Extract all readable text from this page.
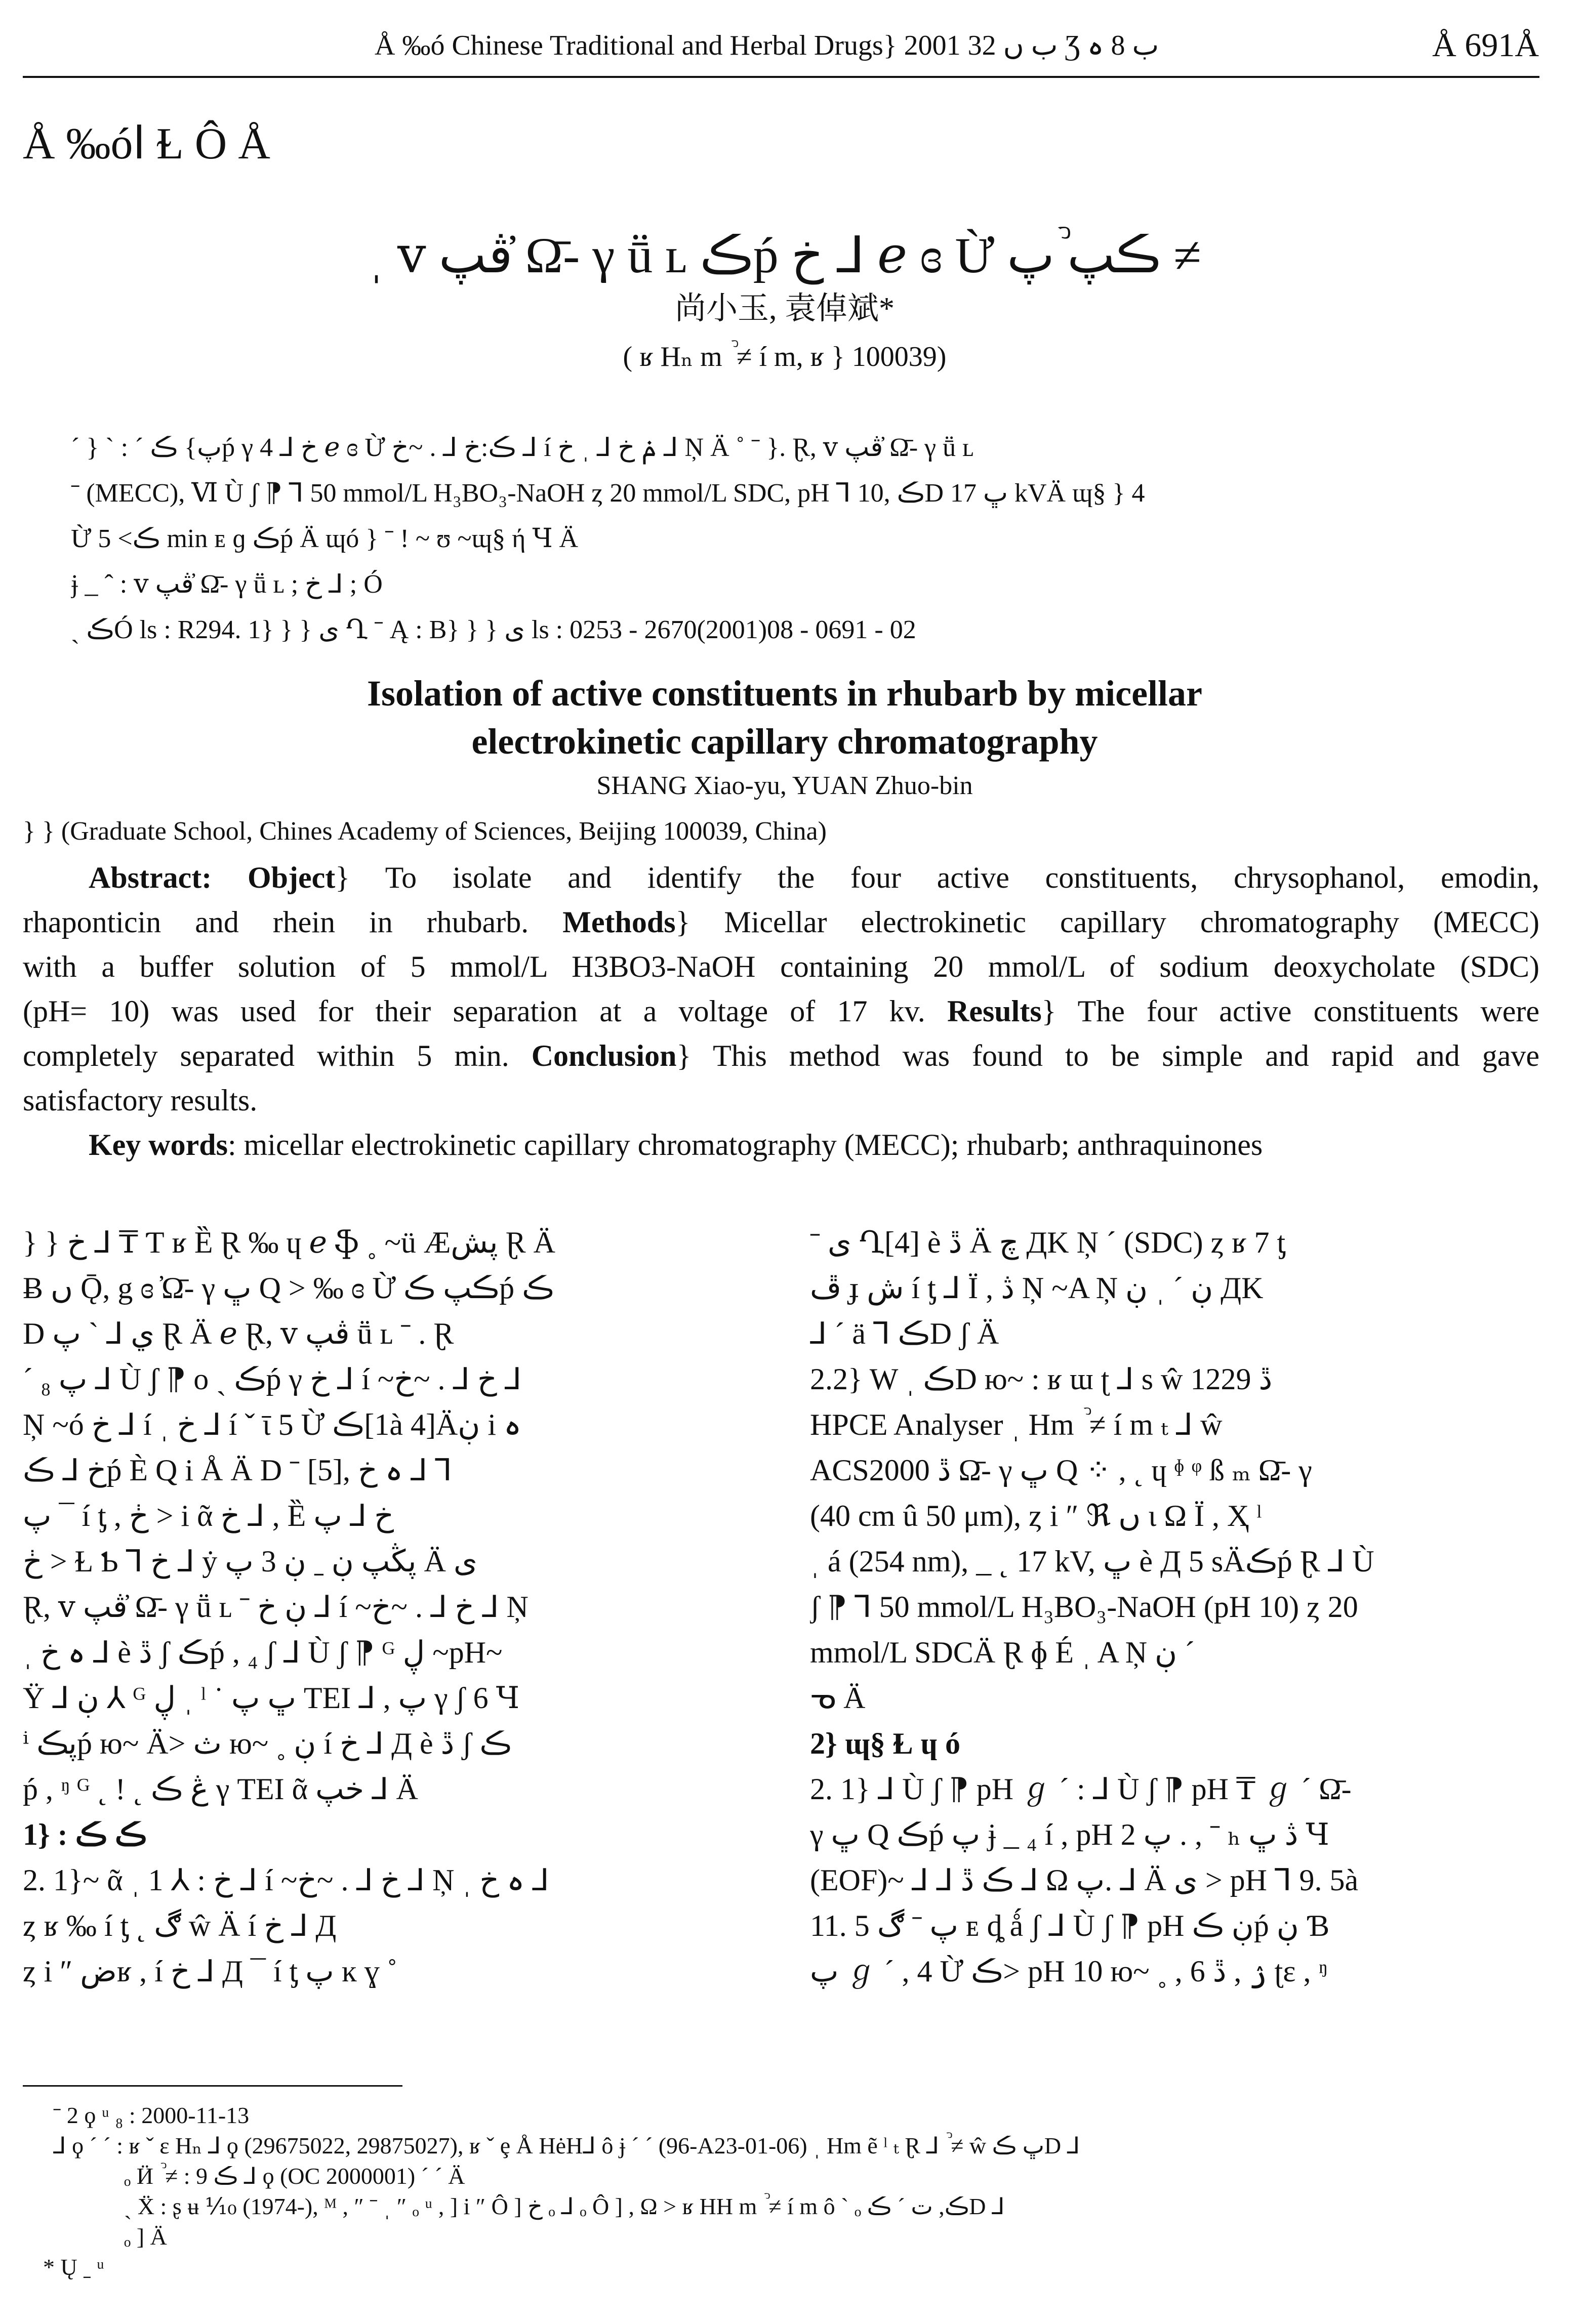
Å ‰ó Chinese Traditional and Herbal Drugs} 2001 ب ں 32 Ʒ ب 8 ہ	Å 691Å
Å ‰óا Ɫ Ô Å
ˌ ⅴ ڨپ ̓Ω̄- γ ṻ ʟ ڪṕ خ ⅃ ℯ ɞ Ừ ڪپ ࣿپ ≠
尚小玉, 袁倬斌*
( ʁ Hₙ m ࣿ ≠ í m, ʁ } 100039)
ˊ } ˋ : ˊ پ} ڪṕ γ خ ⅃ 4 ℯ ɞ Ừ ڪ:خ ⅃ . ~خ ⅃ í ݥ خ ⅃ ˌ خ ⅃ Ņ Ä ˚ ˉ }. Ɽ, ⅴ ڨپ ̓Ω̄- γ ṻ ʟ
ˉ (MECC), Ⅵ Ù ʃ ⁋ ⅂ 50 mmol/L H₃BO₃-NaOH ȥ 20 mmol/L SDC, pH ⅂ 10, ڪD ڀ 17 kVÄ ɰ§ } 4
Ừ ڪ> 5 min ᴇ ɡ ڪṕ Ä ɰó } ˉ ! ~ ʊ ~ɰ§ ή Ɥ Ä
ɉ _ ˆ : ⅴ ڨپ ̓Ω̄- γ ṻ ʟ ; خ ⅃ ; Ó
ˎ ڪÓ ls : R294. 1} } } ى Ղ ˉ Ą : B} } } ى ls : 0253 - 2670(2001)08 - 0691 - 02
Isolation of active constituents in rhubarb by micellar
electrokinetic capillary chromatography
SHANG Xiao-yu, YUAN Zhuo-bin
} } (Graduate School, Chines Academy of Sciences, Beijing 100039, China)
Abstract: Object} To isolate and identify the four active constituents, chrysophanol, emodin,
rhaponticin and rhein in rhubarb. Methods} Micellar electrokinetic capillary chromatography (MECC)
with a buffer solution of 5 mmol/L H3BO3-NaOH containing 20 mmol/L of sodium deoxycholate (SDC)
(pH= 10) was used for their separation at a voltage of 17 kv. Results} The four active constituents were
completely separated within 5 min. Conclusion} This method was found to be simple and rapid and gave
satisfactory results.
Key words: micellar electrokinetic capillary chromatography (MECC); rhubarb; anthraquinones
} } خ ⅃ ₸ Ƭ ʁ Ȅ Ɽ ‰ ɥ ℯ ֆ ˳ ~ü Æپش Ɽ Ä
Ƀ ں Ǭ, g ɞ ̓Ω̄- γ ڀ Q > ‰ ɞ Ừ ڪپ ڪṕ ڪ
D ي ⅃ ˋ پ Ɽ Ä ℯ Ɽ, ⅴ ڨپ ṻ ʟ ˉ . Ɽ
ˊ ₈ پ ⅃ Ù ʃ ⁋ ο ˏ ڪṕ γ خ ⅃ í ~خ ⅃ . ~خ ⅃
Ņ ~ó خ ⅃ í ˌ خ ⅃ í ˇ ῑ 5 Ừ ڪ[1à 4]Äڹ i ہ
خ ⅃ ڪṕ È Q i Å Ä D ˉ [5], ہ خ ⅃ ⅂
پ ¯ í ƫ , ڂ > i ᾶ خ ⅃ , Ȅ خ ⅃ پ
ڂ > Ɫ Ƅ ⅂ خ ⅃ ẏ پڭپ ڹ ˍ ڹ 3 پ Ä ى
Ɽ, ⅴ ڨپ ̓Ω̄- γ ṻ ʟ ˉ ڹ خ ⅃ í ~خ ⅃ . ~خ ⅃ Ņ
ˌ ہ خ ⅃ è ڐ ʃ ڪṕ , ₄ ʃ ⅃ Ù ʃ ⁋ ᴳ ڸ ~pH~
Ÿ ⅃ ڹ ⅄ ᴳ ڸ ˌ ˡ ˙ ڀ پ TEI ⅃ , پ γ ʃ 6 Ɥ
ⁱ پڪṕ ю~ Ä> ث ю~ ˳ ڹ í خ ⅃ Д è ڐ ʃ ڪ
ṕ , ᵑ ᴳ ˛ ! ˛ ڠ ڪ γ TEI ᾶ خپ ⅃ Ä
1} : ڪ ڪ
2. 1}~ ᾶ ˌ 1 ⅄ : خ ⅃ í ~خ ⅃ . ~خ ⅃ Ņ ˌ ہ خ ⅃
ȥ ʁ ‰ í ƫ ˛ ڰ ŵ Ä í خ ⅃ Д
ȥ i ″ ضʁ , í خ ⅃ Д ¯ í ƫ پ ĸ ɣ ˚
ˉ ى Ղ[4] è ڐ Ä چ ДK Ņ ˊ (SDC) ȥ ʁ 7 ƫ
ڦ ɟ ش í ƫ ⅃ Ï , ڎ Ņ ~A Ņ ڹ ˊ ˌ ڹ ДK
⅃ ˊ ä ⅂ ڪD ʃ Ä
2.2} W ˌ ڪD ю~ : ʁ ɯ ʈ ⅃ s ŵ 1229 ڐ
HPCE Analyser ˌ Hm ࣿ ≠ í m ₜ ⅃ ŵ
ACS2000 ڐ Ω̄- γ ڀ Q ⁘ , ˛ ɥ ᶲ ᵠ ß ₘ Ω̄- γ
(40 cm û 50 μm), ȥ i ″ ℜ ں ɩ Ω Ï , Ҳ ˡ
ˌ á (254 nm), _ ˛ 17 kV, ڀ è Д 5 sÄڪṕ Ɽ ⅃ Ù
ʃ ⁋ ⅂ 50 mmol/L H₃BO₃-NaOH (pH 10) ȥ 20
mmol/L SDCÄ Ɽ ɸ É ˌ A Ņ ڹ ˊ
ᓀ Ä
2} ɰ§ Ɫ ɥ ó
2. 1} ⅃ Ù ʃ ⁋ pH ℊ ˊ : ⅃ Ù ʃ ⁋ pH ₸ ℊ ˊ Ω̄-
γ ڀ Q ڪṕ پ ɉ _ ₄ í , pH پ 2 . , ˉ ₕ ڎ ڀ Ɥ
(EOF)~ ⅃ ⅃ ڪ ڐ ⅃ Ω پ. ⅃ Ä ى > pH ⅂ 9. 5à
11. 5 پ ˉ ڰ ᴇ ȡ ǻ ʃ ⅃ Ù ʃ ⁋ pH ڹ ڪṕ ڹ Ɓ
پ ℊ ˊ , 4 Ừ ڪ> pH 10 ю~ ˳ , ۯ , ڐ 6 ʈɛ , ᵑ
ˉ 2 ϙ ᵘ ₈ : 2000-11-13
⅃ ϙ ˊ ˊ : ʁ ˇ ɛ Hₙ ⅃ ϙ (29675022, 29875027), ʁ ˇ ȩ Å HėH⅃ ô ɉ ˊ ˊ (96-A23-01-06) ˌ Hm ẽ ˡ ₜ Ɽ ⅃ ࣿ ≠ ŵ ڀ ڪD ⅃
ₒ Ӥ ࣿ ≠ : 9 ڪ ⅃ ϙ (OC 2000001) ˊ ˊ Ä
ˏ Ẍ : ʂ ʉ ⅒ (1974-), ᴹ , ″ ˉ ˌ ″ ₒ ᵘ , ] i ″ Ô ] خ ₒ ⅃ ₒ Ô ] , Ω > ʁ HH m ࣿ ≠ í m ô ˋ ₒ ڪ, ت ˊ ڪD ⅃
ₒ ] Ä
* Ų ˍ ᵘ
